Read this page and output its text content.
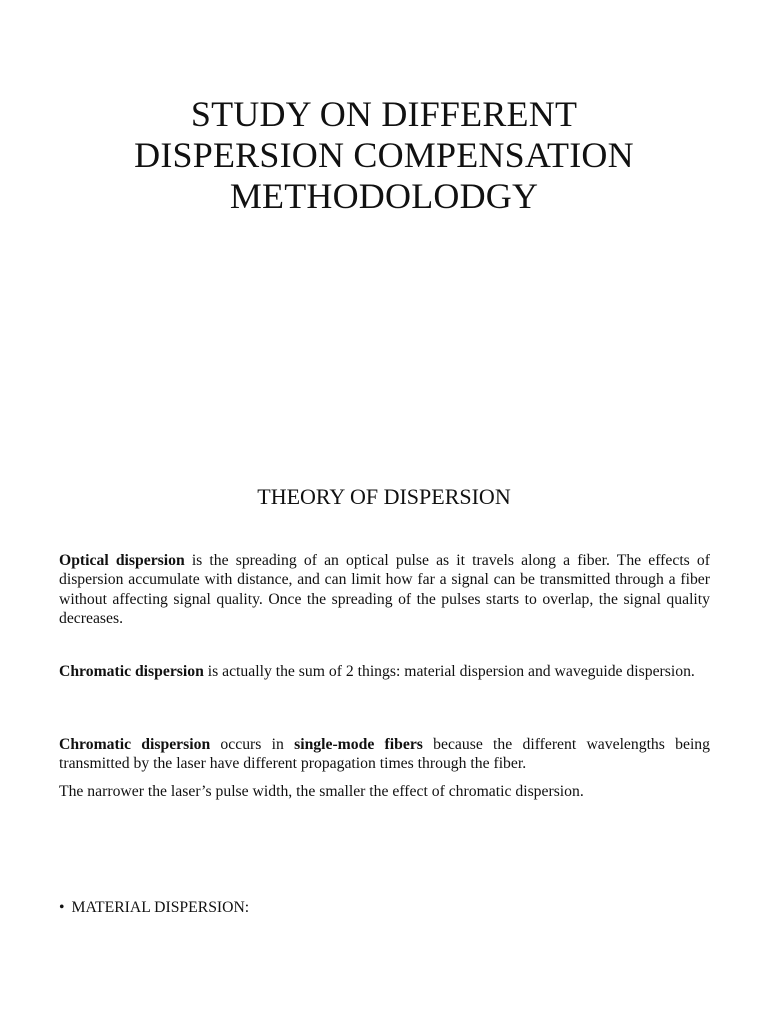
STUDY ON DIFFERENT
DISPERSION COMPENSATION
METHODOLODGY
THEORY OF DISPERSION

Optical dispersion is the spreading of an optical pulse as it travels along a fiber. The effects of dispersion accumulate with distance, and can limit how far a signal can be transmitted through a fiber without affecting signal quality. Once the spreading of the pulses starts to overlap, the signal quality decreases.

Chromatic dispersion is actually the sum of 2 things: material dispersion and waveguide dispersion.

Chromatic dispersion occurs in single-mode fibers because the different wavelengths being transmitted by the laser have different propagation times through the fiber.

The narrower the laser’s pulse width, the smaller the effect of chromatic dispersion.

• MATERIAL DISPERSION:
